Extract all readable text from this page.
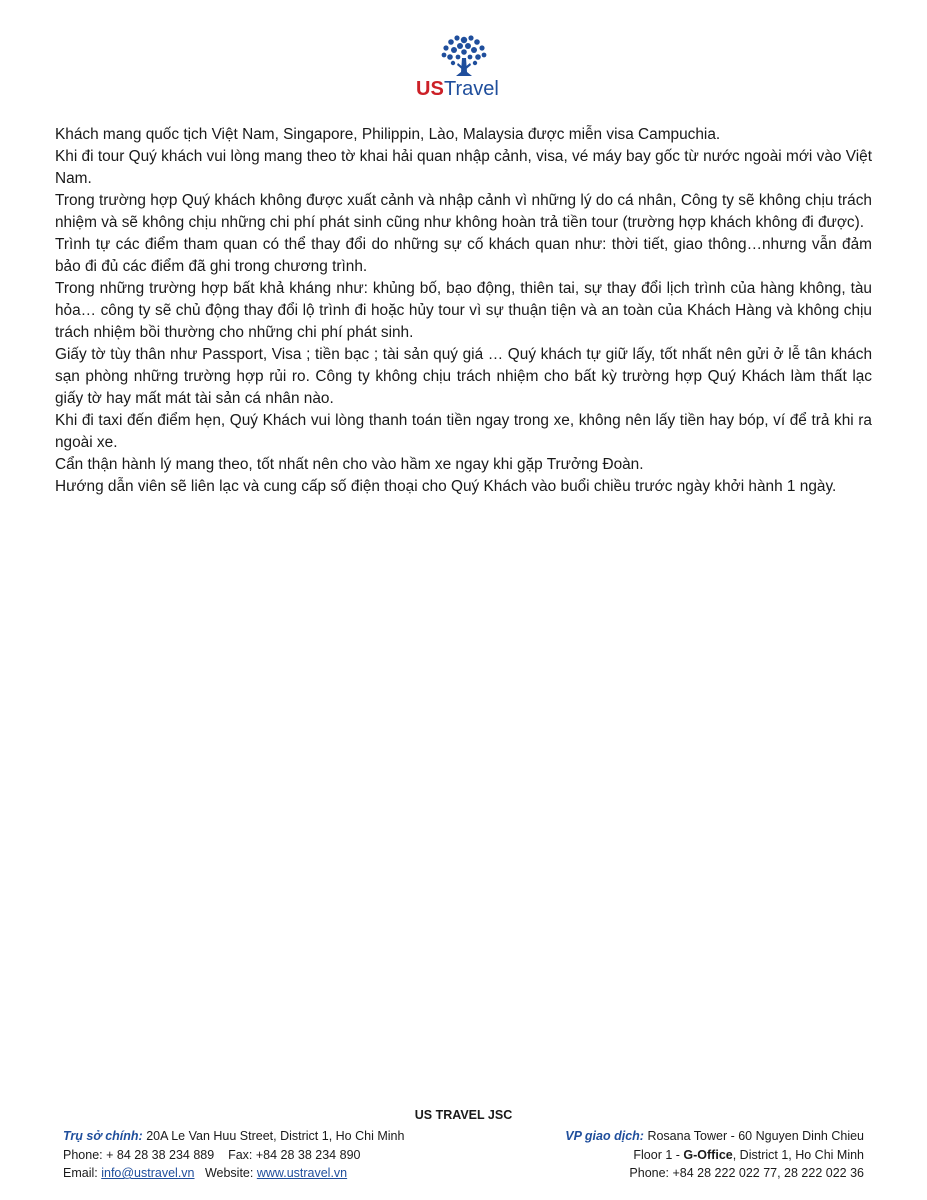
US Travel

Khách mang quốc tịch Việt Nam, Singapore, Philippin, Lào, Malaysia được miễn visa Campuchia.

Khi đi tour Quý khách vui lòng mang theo tờ khai hải quan nhập cảnh, visa, vé máy bay gốc từ nước ngoài mới vào Việt Nam.

Trong trường hợp Quý khách không được xuất cảnh và nhập cảnh vì những lý do cá nhân, Công ty sẽ không chịu trách nhiệm và sẽ không chịu những chi phí phát sinh cũng như không hoàn trả tiền tour (trường hợp khách không đi được).

Trình tự các điểm tham quan có thể thay đổi do những sự cố khách quan như: thời tiết, giao thông…nhưng vẫn đảm bảo đi đủ các điểm đã ghi trong chương trình.

Trong những trường hợp bất khả kháng như: khủng bố, bạo động, thiên tai, sự thay đổi lịch trình của hàng không, tàu hỏa… công ty sẽ chủ động thay đổi lộ trình đi hoặc hủy tour vì sự thuận tiện và an toàn của Khách Hàng và không chịu trách nhiệm bồi thường cho những chi phí phát sinh.

Giấy tờ tùy thân như Passport, Visa ; tiền bạc ; tài sản quý giá … Quý khách tự giữ lấy, tốt nhất nên gửi ở lễ tân khách sạn phòng những trường hợp rủi ro. Công ty không chịu trách nhiệm cho bất kỳ trường hợp Quý Khách làm thất lạc giấy tờ hay mất mát tài sản cá nhân nào.

Khi đi taxi đến điểm hẹn, Quý Khách vui lòng thanh toán tiền ngay trong xe, không nên lấy tiền hay bóp, ví để trả khi ra ngoài xe.

Cẩn thận hành lý mang theo, tốt nhất nên cho vào hầm xe ngay khi gặp Trưởng Đoàn.

Hướng dẫn viên sẽ liên lạc và cung cấp số điện thoại cho Quý Khách vào buổi chiều trước ngày khởi hành 1 ngày.

US TRAVEL JSC
Trụ sở chính: 20A Le Van Huu Street, District 1, Ho Chi Minh
Phone: + 84 28 38 234 889    Fax: +84 28 38 234 890
Email: info@ustravel.vn Website: www.ustravel.vn
VP giao dịch: Rosana Tower - 60 Nguyen Dinh Chieu
Floor 1 - G-Office, District 1, Ho Chi Minh
Phone: +84 28 222 022 77, 28 222 022 36
